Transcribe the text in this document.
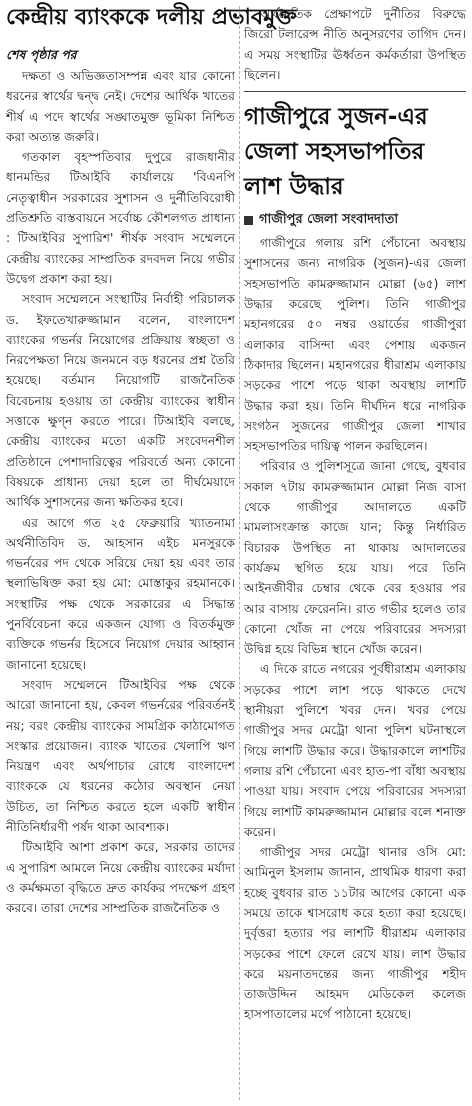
কেন্দ্রীয় ব্যাংককে দলীয় প্রভাবমুক্ত
শেষ পৃষ্ঠার পর

দক্ষতা ও অভিজ্ঞতাসম্পন্ন এবং যার কোনো ধরনের স্বার্থের দ্বন্দ্ব নেই। দেশের আর্থিক খাতের শীর্ষ এ পদে স্বার্থের সঙ্ঘাতমুক্ত ভূমিকা নিশ্চিত করা অত্যন্ত জরুরি।

গতকাল বৃহস্পতিবার দুপুরে রাজধানীর ধানমন্ডির টিআইবি কার্যালয়ে 'বিএনপি নেতৃত্বাধীন সরকারের সুশাসন ও দুর্নীতিবিরোধী প্রতিশ্রুতি বাস্তবায়নে সর্বোচ্চ কৌশলগত প্রাধান্য : টিআইবির সুপারিশ' শীর্ষক সংবাদ সম্মেলনে কেন্দ্রীয় ব্যাংকের সাম্প্রতিক রদবদল নিয়ে গভীর উদ্বেগ প্রকাশ করা হয়।

সংবাদ সম্মেলনে সংস্থাটির নির্বাহী পরিচালক ড. ইফতেখারুজ্জামান বলেন, বাংলাদেশ ব্যাংকের গভর্নর নিয়োগের প্রক্রিয়ায় স্বচ্ছতা ও নিরপেক্ষতা নিয়ে জনমনে বড় ধরনের প্রশ্ন তৈরি হয়েছে। বর্তমান নিয়োগটি রাজনৈতিক বিবেচনায় হওয়ায় তা কেন্দ্রীয় ব্যাংকের স্বাধীন সত্তাকে ক্ষুণ্ন করতে পারে। টিআইবি বলছে, কেন্দ্রীয় ব্যাংকের মতো একটি সংবেদনশীল প্রতিষ্ঠানে পেশাদারিত্বের পরিবর্তে অন্য কোনো বিষয়কে প্রাধান্য দেয়া হলে তা দীর্ঘমেয়াদে আর্থিক সুশাসনের জন্য ক্ষতিকর হবে।

এর আগে গত ২৫ ফেব্রুয়ারি খ্যাতনামা অর্থনীতিবিদ ড. আহসান এইচ মনসুরকে গভর্নরের পদ থেকে সরিয়ে দেয়া হয় এবং তার স্থলাভিষিক্ত করা হয় মো: মোস্তাকুর রহমানকে। সংস্থাটির পক্ষ থেকে সরকারের এ সিদ্ধান্ত পুনর্বিবেচনা করে একজন যোগ্য ও বিতর্কমুক্ত ব্যক্তিকে গভর্নর হিসেবে নিয়োগ দেয়ার আহ্বান জানানো হয়েছে।

সংবাদ সম্মেলনে টিআইবির পক্ষ থেকে আরো জানানো হয়, কেবল গভর্নরের পরিবর্তনই নয়; বরং কেন্দ্রীয় ব্যাংকের সামগ্রিক কাঠামোগত সংস্কার প্রয়োজন। ব্যাংক খাতের খেলাপি ঋণ নিয়ন্ত্রণ এবং অর্থপাচার রোধে বাংলাদেশ ব্যাংককে যে ধরনের কঠোর অবস্থান নেয়া উচিত, তা নিশ্চিত করতে হলে একটি স্বাধীন নীতিনির্ধারণী পর্ষদ থাকা আবশ্যক।

টিআইবি আশা প্রকাশ করে, সরকার তাদের এ সুপারিশ আমলে নিয়ে কেন্দ্রীয় ব্যাংকের মর্যাদা ও কর্মক্ষমতা বৃদ্ধিতে দ্রুত কার্যকর পদক্ষেপ গ্রহণ করবে। তারা দেশের সাম্প্রতিক রাজনৈতিক ও

অর্থনৈতিক প্রেক্ষাপটে দুর্নীতির বিরুদ্ধে জিরো টলারেন্স নীতি অনুসরণের তাগিদ দেন। এ সময় সংস্থাটির ঊর্ধ্বতন কর্মকর্তারা উপস্থিত ছিলেন।

গাজীপুরে সুজন-এর জেলা সহসভাপতির লাশ উদ্ধার
গাজীপুর জেলা সংবাদদাতা

গাজীপুরে গলায় রশি পেঁচানো অবস্থায় সুশাসনের জন্য নাগরিক (সুজন)-এর জেলা সহসভাপতি কামরুজ্জামান মোল্লা (৬৫) লাশ উদ্ধার করেছে পুলিশ। তিনি গাজীপুর মহানগরের ৫০ নম্বর ওয়ার্ডের গাজীপুরা এলাকার বাসিন্দা এবং পেশায় একজন ঠিকাদার ছিলেন। মহানগরের ধীরাশ্রম এলাকায় সড়কের পাশে পড়ে থাকা অবস্থায় লাশটি উদ্ধার করা হয়। তিনি দীর্ঘদিন ধরে নাগরিক সংগঠন সুজনের গাজীপুর জেলা শাখার সহসভাপতির দায়িত্ব পালন করছিলেন।

পরিবার ও পুলিশসূত্রে জানা গেছে, বুধবার সকাল ৭টায় কামরুজ্জামান মোল্লা নিজ বাসা থেকে গাজীপুর আদালতে একটি মামলাসংক্রান্ত কাজে যান; কিন্তু নির্ধারিত বিচারক উপস্থিত না থাকায় আদালতের কার্যক্রম স্থগিত হয়ে যায়। পরে তিনি আইনজীবীর চেম্বার থেকে বের হওয়ার পর আর বাসায় ফেরেননি। রাত গভীর হলেও তার কোনো খোঁজ না পেয়ে পরিবারের সদস্যরা উদ্বিগ্ন হয়ে বিভিন্ন স্থানে খোঁজ করেন।

এ দিকে রাতে নগরের পূর্বধীরাশ্রম এলাকায় সড়কের পাশে লাশ পড়ে থাকতে দেখে স্থানীয়রা পুলিশে খবর দেন। খবর পেয়ে গাজীপুর সদর মেট্রো থানা পুলিশ ঘটনাস্থলে গিয়ে লাশটি উদ্ধার করে। উদ্ধারকালে লাশটির গলায় রশি পেঁচানো এবং হাত-পা বাঁধা অবস্থায় পাওয়া যায়। সংবাদ পেয়ে পরিবারের সদস্যরা গিয়ে লাশটি কামরুজ্জামান মোল্লার বলে শনাক্ত করেন।

গাজীপুর সদর মেট্রো থানার ওসি মো: আমিনুল ইসলাম জানান, প্রাথমিক ধারণা করা হচ্ছে বুধবার রাত ১১টার আগের কোনো এক সময়ে তাকে শ্বাসরোধ করে হত্যা করা হয়েছে। দুর্বৃত্তরা হত্যার পর লাশটি ধীরাশ্রম এলাকার সড়কের পাশে ফেলে রেখে যায়। লাশ উদ্ধার করে ময়নাতদন্তের জন্য গাজীপুর শহীদ তাজউদ্দিন আহমদ মেডিকেল কলেজ হাসপাতালের মর্গে পাঠানো হয়েছে।
